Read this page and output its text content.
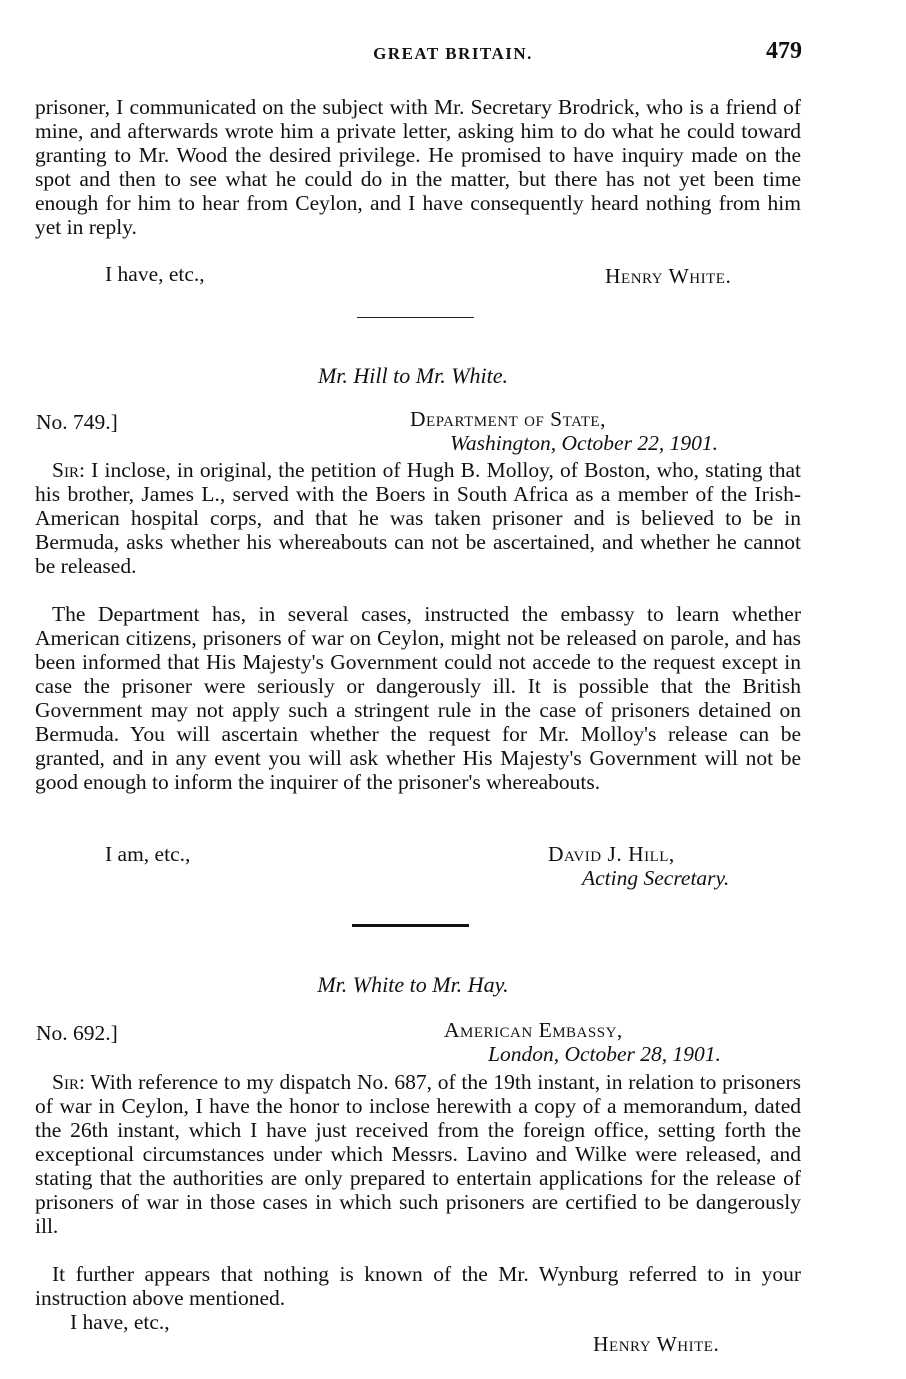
GREAT BRITAIN.	479
prisoner, I communicated on the subject with Mr. Secretary Brodrick, who is a friend of mine, and afterwards wrote him a private letter, asking him to do what he could toward granting to Mr. Wood the desired privilege. He promised to have inquiry made on the spot and then to see what he could do in the matter, but there has not yet been time enough for him to hear from Ceylon, and I have consequently heard nothing from him yet in reply.
I have, etc.,	Henry White.
Mr. Hill to Mr. White.
No. 749.]	Department of State,
Washington, October 22, 1901.
Sir: I inclose, in original, the petition of Hugh B. Molloy, of Boston, who, stating that his brother, James L., served with the Boers in South Africa as a member of the Irish-American hospital corps, and that he was taken prisoner and is believed to be in Bermuda, asks whether his whereabouts can not be ascertained, and whether he cannot be released.
The Department has, in several cases, instructed the embassy to learn whether American citizens, prisoners of war on Ceylon, might not be released on parole, and has been informed that His Majesty's Government could not accede to the request except in case the prisoner were seriously or dangerously ill. It is possible that the British Government may not apply such a stringent rule in the case of prisoners detained on Bermuda. You will ascertain whether the request for Mr. Molloy's release can be granted, and in any event you will ask whether His Majesty's Government will not be good enough to inform the inquirer of the prisoner's whereabouts.
I am, etc.,	David J. Hill,
Acting Secretary.
Mr. White to Mr. Hay.
No. 692.]	American Embassy,
London, October 28, 1901.
Sir: With reference to my dispatch No. 687, of the 19th instant, in relation to prisoners of war in Ceylon, I have the honor to inclose herewith a copy of a memorandum, dated the 26th instant, which I have just received from the foreign office, setting forth the exceptional circumstances under which Messrs. Lavino and Wilke were released, and stating that the authorities are only prepared to entertain applications for the release of prisoners of war in those cases in which such prisoners are certified to be dangerously ill.
It further appears that nothing is known of the Mr. Wynburg referred to in your instruction above mentioned.
I have, etc.,
Henry White.
